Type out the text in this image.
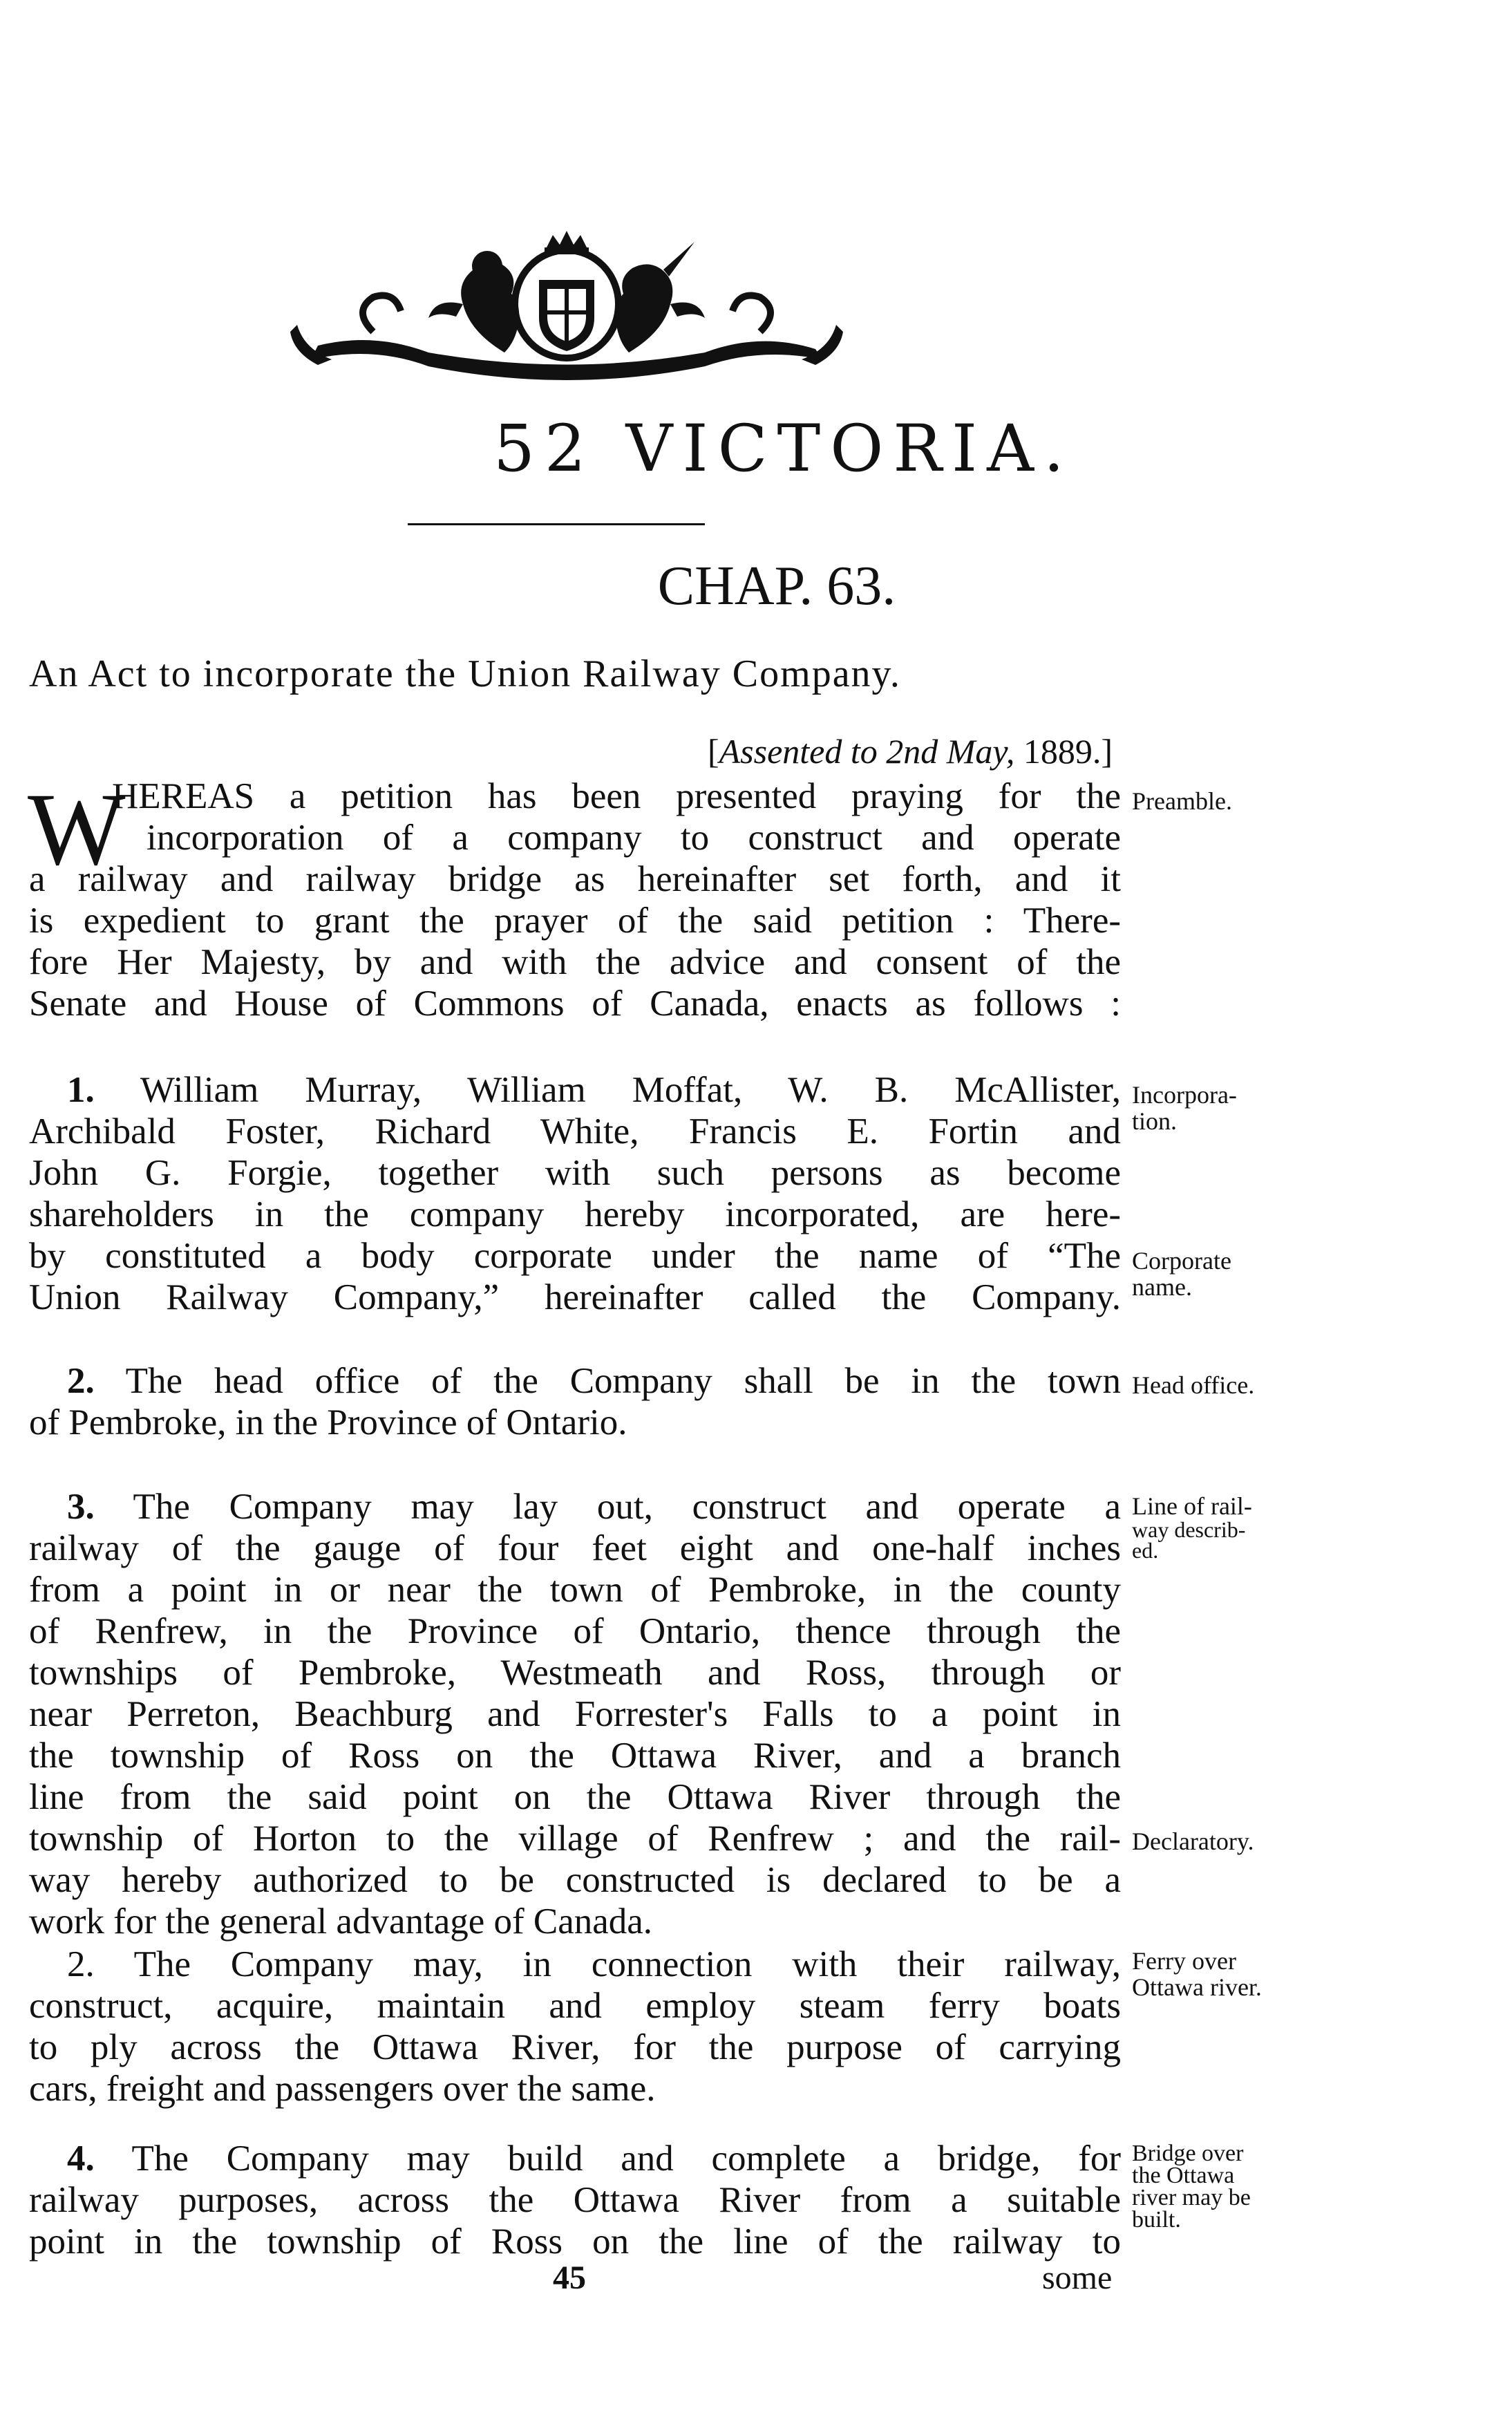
52 VICTORIA.
CHAP. 63.
An Act to incorporate the Union Railway Company.
[Assented to 2nd May, 1889.]
W
HEREAS a petition has been presented praying for the
incorporation of a company to construct and operate
a railway and railway bridge as hereinafter set forth, and it
is expedient to grant the prayer of the said petition : There-
fore Her Majesty, by and with the advice and consent of the
Senate and House of Commons of Canada, enacts as follows :
Preamble.
1. William Murray, William Moffat, W. B. McAllister,
Archibald Foster, Richard White, Francis E. Fortin and
John G. Forgie, together with such persons as become
shareholders in the company hereby incorporated, are here-
by constituted a body corporate under the name of “The
Union Railway Company,” hereinafter called the Company.
Incorpora-
tion.
Corporate
name.
2. The head office of the Company shall be in the town
of Pembroke, in the Province of Ontario.
Head office.
3. The Company may lay out, construct and operate a
railway of the gauge of four feet eight and one-half inches
from a point in or near the town of Pembroke, in the county
of Renfrew, in the Province of Ontario, thence through the
townships of Pembroke, Westmeath and Ross, through or
near Perreton, Beachburg and Forrester's Falls to a point in
the township of Ross on the Ottawa River, and a branch
line from the said point on the Ottawa River through the
township of Horton to the village of Renfrew ; and the rail-
way hereby authorized to be constructed is declared to be a
work for the general advantage of Canada.
Line of rail-
way describ-
ed.
Declaratory.
2. The Company may, in connection with their railway,
construct, acquire, maintain and employ steam ferry boats
to ply across the Ottawa River, for the purpose of carrying
cars, freight and passengers over the same.
Ferry over
Ottawa river.
4. The Company may build and complete a bridge, for
railway purposes, across the Ottawa River from a suitable
point in the township of Ross on the line of the railway to
Bridge over
the Ottawa
river may be
built.
45	some
